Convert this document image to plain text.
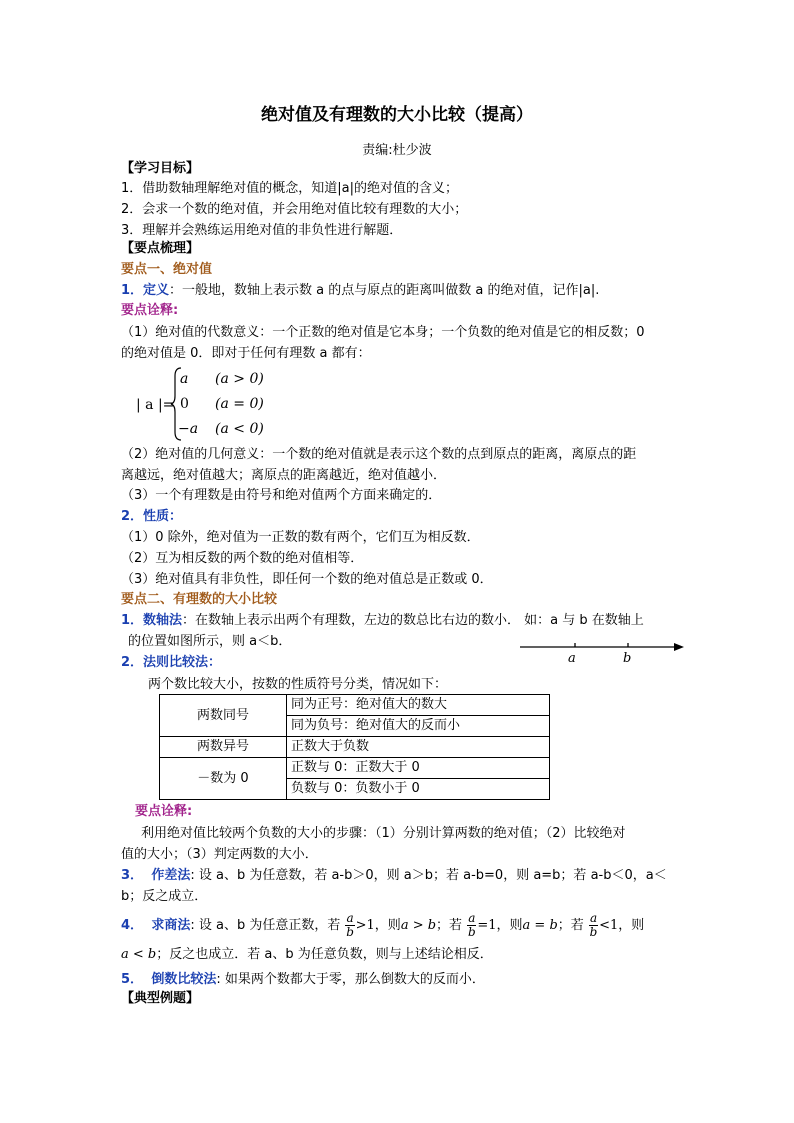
绝对值及有理数的大小比较（提高）
责编:杜少波
【学习目标】
1．借助数轴理解绝对值的概念，知道|a|的绝对值的含义；
2．会求一个数的绝对值，并会用绝对值比较有理数的大小；
3．理解并会熟练运用绝对值的非负性进行解题．
【要点梳理】
要点一、绝对值
1．定义：一般地，数轴上表示数 a 的点与原点的距离叫做数 a 的绝对值，记作|a|.
要点诠释:
（1）绝对值的代数意义：一个正数的绝对值是它本身；一个负数的绝对值是它的相反数；0
的绝对值是 0．即对于任何有理数 a 都有：
| a |=
a (a > 0)
0 (a = 0)
−a (a < 0)
（2）绝对值的几何意义：一个数的绝对值就是表示这个数的点到原点的距离，离原点的距
离越远，绝对值越大；离原点的距离越近，绝对值越小．
（3）一个有理数是由符号和绝对值两个方面来确定的．
2．性质：
（1）0 除外，绝对值为一正数的数有两个，它们互为相反数．
（2）互为相反数的两个数的绝对值相等．
（3）绝对值具有非负性，即任何一个数的绝对值总是正数或 0．
要点二、有理数的大小比较
1．数轴法：在数轴上表示出两个有理数，左边的数总比右边的数小． 如：a 与 b 在数轴上
的位置如图所示，则 a＜b．
a	b
2．法则比较法：
两个数比较大小，按数的性质符号分类，情况如下：
两数同号	同为正号：绝对值大的数大
	同为负号：绝对值大的反而小
两数异号	正数大于负数
－数为 0	正数与 0：正数大于 0
	负数与 0：负数小于 0
要点诠释:
利用绝对值比较两个负数的大小的步骤：（1）分别计算两数的绝对值；（2）比较绝对
值的大小；（3）判定两数的大小．
3． 作差法: 设 a、b 为任意数，若 a-b＞0，则 a＞b；若 a-b=0，则 a=b；若 a-b＜0，a＜
b；反之成立．
4． 求商法: 设 a、b 为任意正数，若 $\frac{a}{b} >1$，则a > b；若 $\frac{a}{b} =1$，则a = b；若 $\frac{a}{b} <1$，则
a < b；反之也成立．若 a、b 为任意负数，则与上述结论相反．
5． 倒数比较法: 如果两个数都大于零，那么倒数大的反而小．
【典型例题】
